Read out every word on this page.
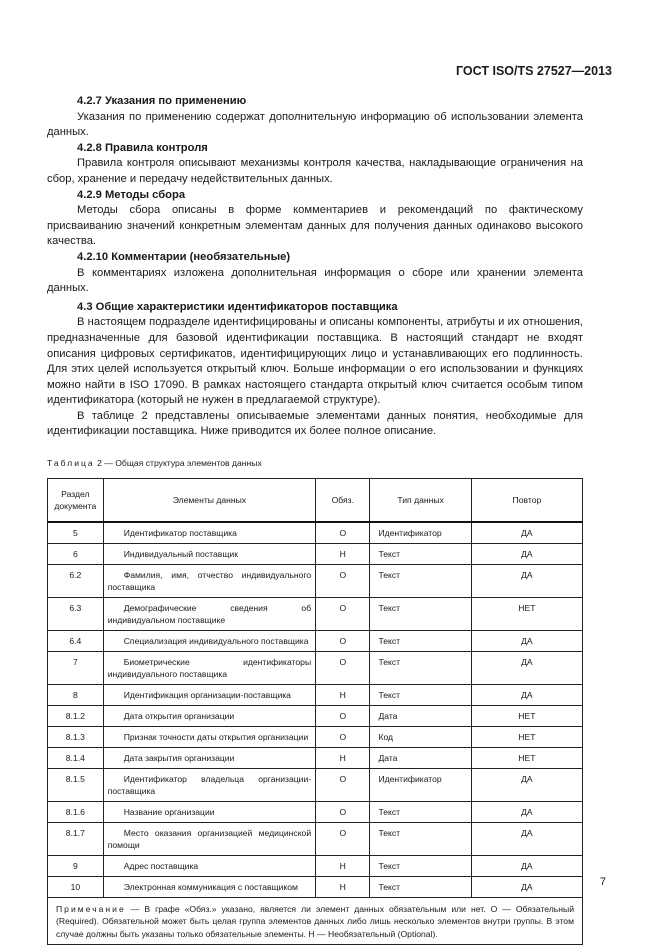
ГОСТ ISO/TS 27527—2013

4.2.7 Указания по применению

Указания по применению содержат дополнительную информацию об использовании элемента данных.

4.2.8 Правила контроля

Правила контроля описывают механизмы контроля качества, накладывающие ограничения на сбор, хранение и передачу недействительных данных.

4.2.9 Методы сбора

Методы сбора описаны в форме комментариев и рекомендаций по фактическому присваиванию значений конкретным элементам данных для получения данных одинаково высокого качества.

4.2.10 Комментарии (необязательные)

В комментариях изложена дополнительная информация о сборе или хранении элемента данных.

4.3 Общие характеристики идентификаторов поставщика

В настоящем подразделе идентифицированы и описаны компоненты, атрибуты и их отношения, предназначенные для базовой идентификации поставщика. В настоящий стандарт не входят описания цифровых сертификатов, идентифицирующих лицо и устанавливающих его подлинность. Для этих целей используется открытый ключ. Больше информации о его использовании и функциях можно найти в ISO 17090. В рамках настоящего стандарта открытый ключ считается особым типом идентификатора (который не нужен в предлагаемой структуре).

В таблице 2 представлены описываемые элементами данных понятия, необходимые для идентификации поставщика. Ниже приводится их более полное описание.

Таблица 2 — Общая структура элементов данных
Раздел документа	Элементы данных	Обяз.	Тип данных	Повтор
5	Идентификатор поставщика	О	Идентификатор	ДА
6	Индивидуальный поставщик	Н	Текст	ДА
6.2	Фамилия, имя, отчество индивидуального поставщика	О	Текст	ДА
6.3	Демографические сведения об индивидуальном поставщике	О	Текст	НЕТ
6.4	Специализация индивидуального поставщика	О	Текст	ДА
7	Биометрические идентификаторы индивидуального поставщика	О	Текст	ДА
8	Идентификация организации-поставщика	Н	Текст	ДА
8.1.2	Дата открытия организации	О	Дата	НЕТ
8.1.3	Признак точности даты открытия организации	О	Код	НЕТ
8.1.4	Дата закрытия организации	Н	Дата	НЕТ
8.1.5	Идентификатор владельца организации-поставщика	О	Идентификатор	ДА
8.1.6	Название организации	О	Текст	ДА
8.1.7	Место оказания организацией медицинской помощи	О	Текст	ДА
9	Адрес поставщика	Н	Текст	ДА
10	Электронная коммуникация с поставщиком	Н	Текст	ДА
Примечание — В графе «Обяз.» указано, является ли элемент данных обязательным или нет. О — Обязательный (Required). Обязательной может быть целая группа элементов данных либо лишь несколько элементов внутри группы. В этом случае должны быть указаны только обязательные элементы. Н — Необязательный (Optional).				
7
